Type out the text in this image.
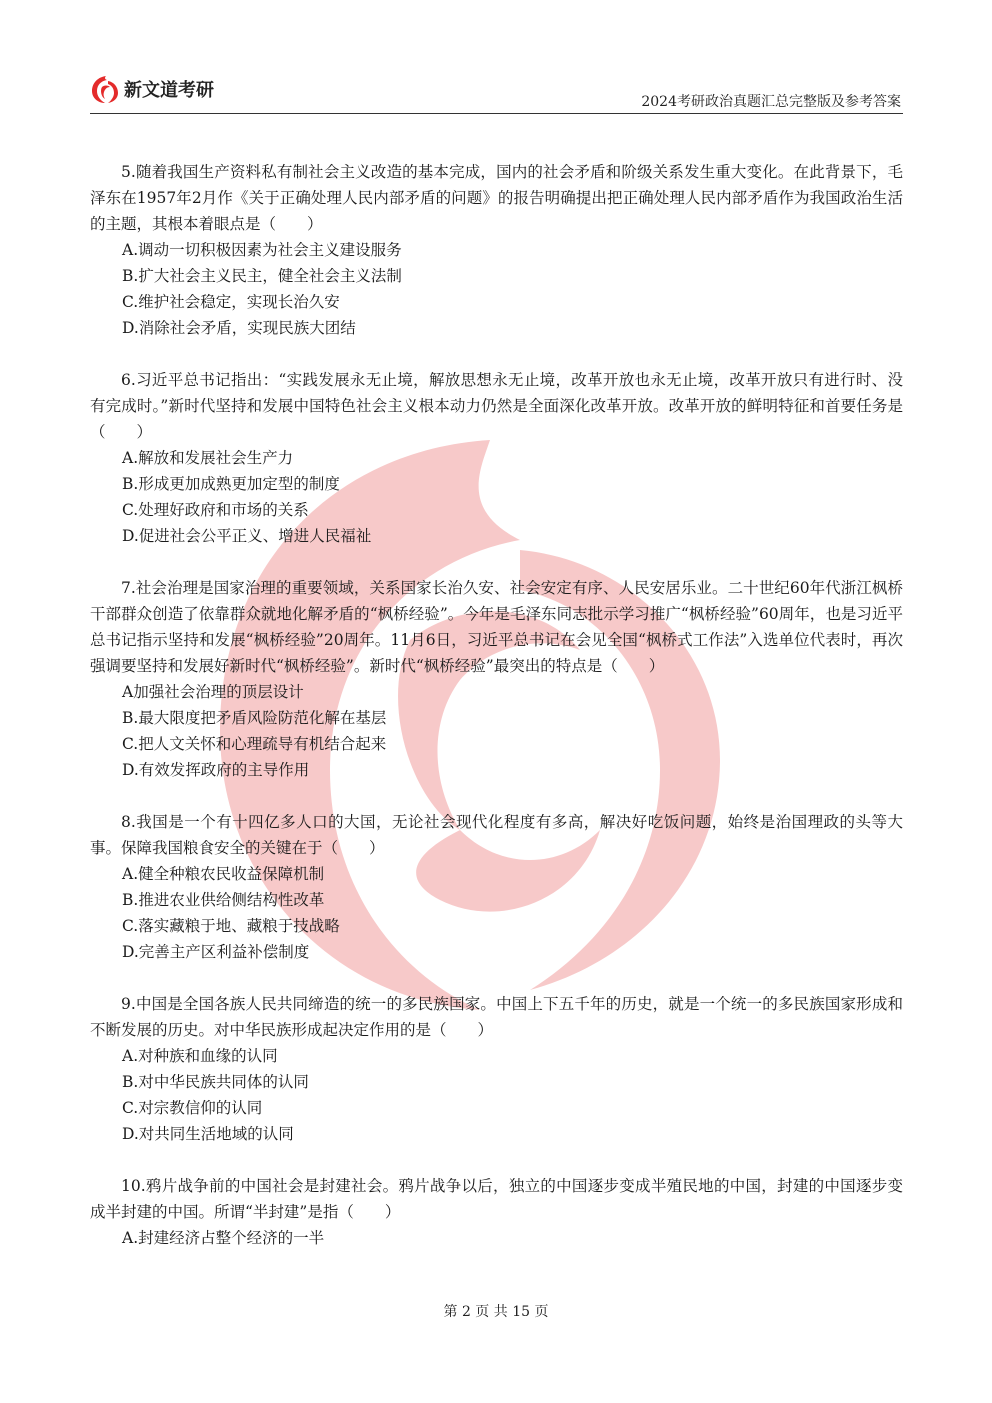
新文道考研
2024考研政治真题汇总完整版及参考答案

5.随着我国生产资料私有制社会主义改造的基本完成，国内的社会矛盾和阶级关系发生重大变化。在此背景下，毛泽东在1957年2月作《关于正确处理人民内部矛盾的问题》的报告明确提出把正确处理人民内部矛盾作为我国政治生活的主题，其根本着眼点是（　　）

A.调动一切积极因素为社会主义建设服务
B.扩大社会主义民主，健全社会主义法制
C.维护社会稳定，实现长治久安
D.消除社会矛盾，实现民族大团结

6.习近平总书记指出：“实践发展永无止境，解放思想永无止境，改革开放也永无止境，改革开放只有进行时、没有完成时。”新时代坚持和发展中国特色社会主义根本动力仍然是全面深化改革开放。改革开放的鲜明特征和首要任务是（　　）

A.解放和发展社会生产力
B.形成更加成熟更加定型的制度
C.处理好政府和市场的关系
D.促进社会公平正义、增进人民福祉

7.社会治理是国家治理的重要领域，关系国家长治久安、社会安定有序、人民安居乐业。二十世纪60年代浙江枫桥干部群众创造了依靠群众就地化解矛盾的“枫桥经验”。今年是毛泽东同志批示学习推广“枫桥经验”60周年，也是习近平总书记指示坚持和发展“枫桥经验”20周年。11月6日，习近平总书记在会见全国“枫桥式工作法”入选单位代表时，再次强调要坚持和发展好新时代“枫桥经验”。新时代“枫桥经验”最突出的特点是（　　）

A加强社会治理的顶层设计
B.最大限度把矛盾风险防范化解在基层
C.把人文关怀和心理疏导有机结合起来
D.有效发挥政府的主导作用

8.我国是一个有十四亿多人口的大国，无论社会现代化程度有多高，解决好吃饭问题，始终是治国理政的头等大事。保障我国粮食安全的关键在于（　　）

A.健全种粮农民收益保障机制
B.推进农业供给侧结构性改革
C.落实藏粮于地、藏粮于技战略
D.完善主产区利益补偿制度

9.中国是全国各族人民共同缔造的统一的多民族国家。中国上下五千年的历史，就是一个统一的多民族国家形成和不断发展的历史。对中华民族形成起决定作用的是（　　）

A.对种族和血缘的认同
B.对中华民族共同体的认同
C.对宗教信仰的认同
D.对共同生活地域的认同

10.鸦片战争前的中国社会是封建社会。鸦片战争以后，独立的中国逐步变成半殖民地的中国，封建的中国逐步变成半封建的中国。所谓“半封建”是指（　　）

A.封建经济占整个经济的一半
第 2 页 共 15 页
